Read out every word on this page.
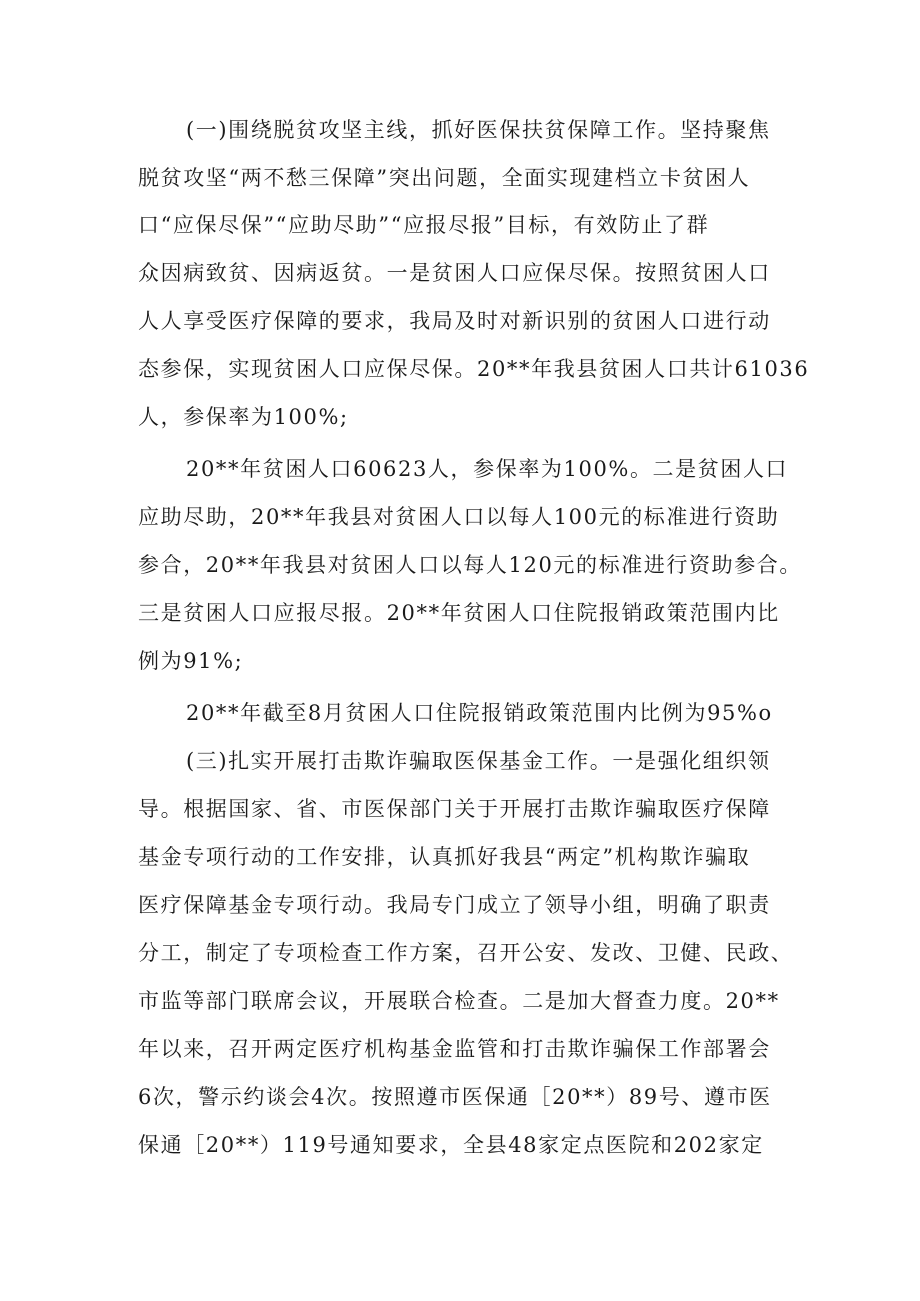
(一)围绕脱贫攻坚主线，抓好医保扶贫保障工作。坚持聚焦
脱贫攻坚“两不愁三保障”突出问题，全面实现建档立卡贫困人
口“应保尽保”“应助尽助”“应报尽报”目标，有效防止了群
众因病致贫、因病返贫。一是贫困人口应保尽保。按照贫困人口
人人享受医疗保障的要求，我局及时对新识别的贫困人口进行动
态参保，实现贫困人口应保尽保。20**年我县贫困人口共计61036
人，参保率为100%;
20**年贫困人口60623人，参保率为100%。二是贫困人口
应助尽助，20**年我县对贫困人口以每人100元的标准进行资助
参合，20**年我县对贫困人口以每人120元的标准进行资助参合。
三是贫困人口应报尽报。20**年贫困人口住院报销政策范围内比
例为91%;
20**年截至8月贫困人口住院报销政策范围内比例为95%o
(三)扎实开展打击欺诈骗取医保基金工作。一是强化组织领
导。根据国家、省、市医保部门关于开展打击欺诈骗取医疗保障
基金专项行动的工作安排，认真抓好我县“两定”机构欺诈骗取
医疗保障基金专项行动。我局专门成立了领导小组，明确了职责
分工，制定了专项检查工作方案，召开公安、发改、卫健、民政、
市监等部门联席会议，开展联合检查。二是加大督查力度。20**
年以来，召开两定医疗机构基金监管和打击欺诈骗保工作部署会
6次，警示约谈会4次。按照遵市医保通［20**）89号、遵市医
保通［20**）119号通知要求，全县48家定点医院和202家定
